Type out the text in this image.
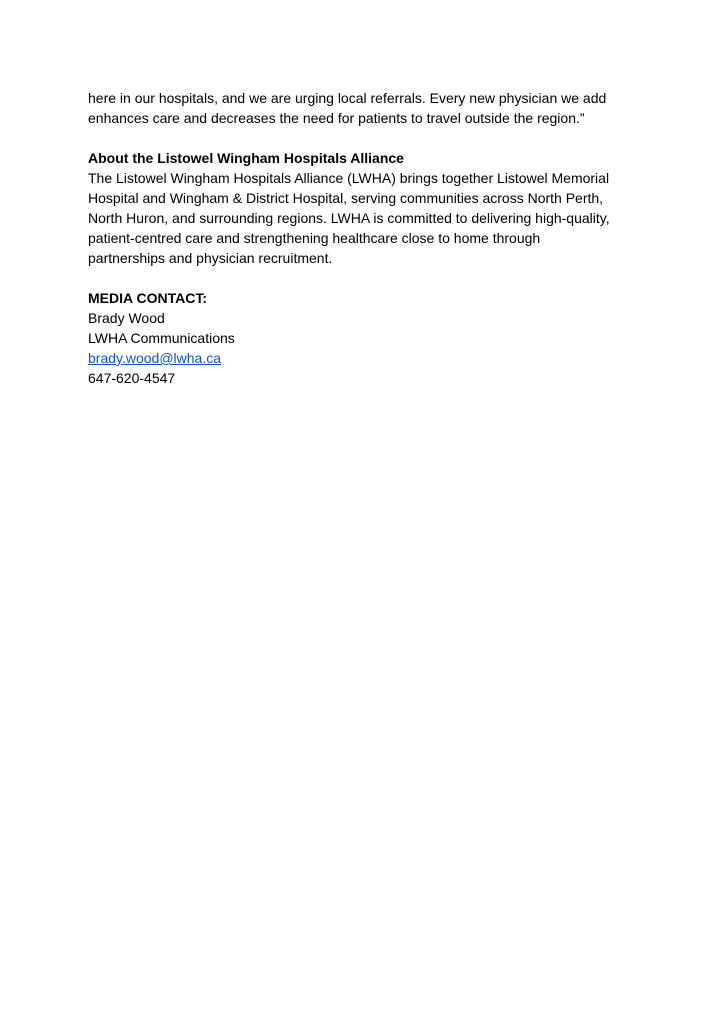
here in our hospitals, and we are urging local referrals. Every new physician we add
enhances care and decreases the need for patients to travel outside the region.”
About the Listowel Wingham Hospitals Alliance
The Listowel Wingham Hospitals Alliance (LWHA) brings together Listowel Memorial
Hospital and Wingham & District Hospital, serving communities across North Perth,
North Huron, and surrounding regions. LWHA is committed to delivering high-quality,
patient-centred care and strengthening healthcare close to home through
partnerships and physician recruitment.
MEDIA CONTACT:
Brady Wood
LWHA Communications
brady.wood@lwha.ca
647-620-4547
